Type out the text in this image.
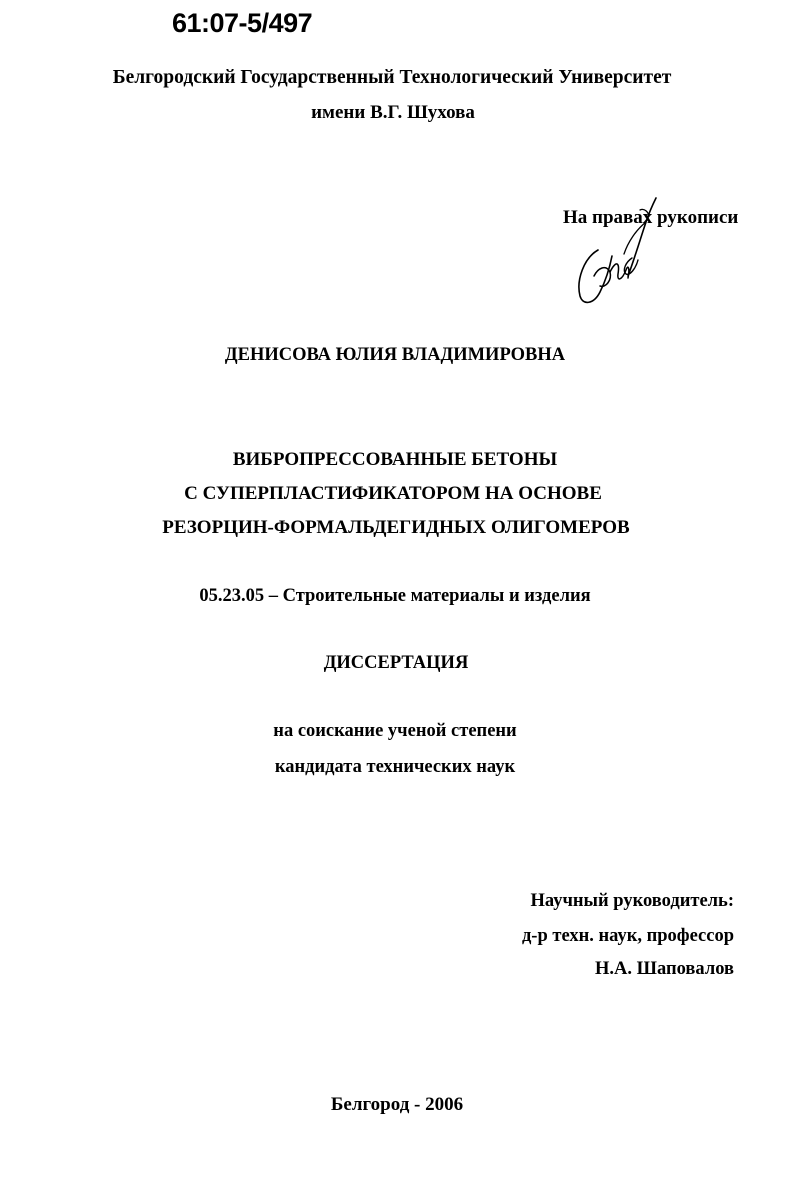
61:07-5/497
Белгородский Государственный Технологический Университет
имени В.Г. Шухова
На правах рукописи
ДЕНИСОВА ЮЛИЯ ВЛАДИМИРОВНА
ВИБРОПРЕССОВАННЫЕ БЕТОНЫ
С СУПЕРПЛАСТИФИКАТОРОМ НА ОСНОВЕ
РЕЗОРЦИН-ФОРМАЛЬДЕГИДНЫХ ОЛИГОМЕРОВ
05.23.05 – Строительные материалы и изделия
ДИССЕРТАЦИЯ
на соискание ученой степени
кандидата технических наук
Научный руководитель:
д-р техн. наук, профессор
Н.А. Шаповалов
Белгород - 2006
